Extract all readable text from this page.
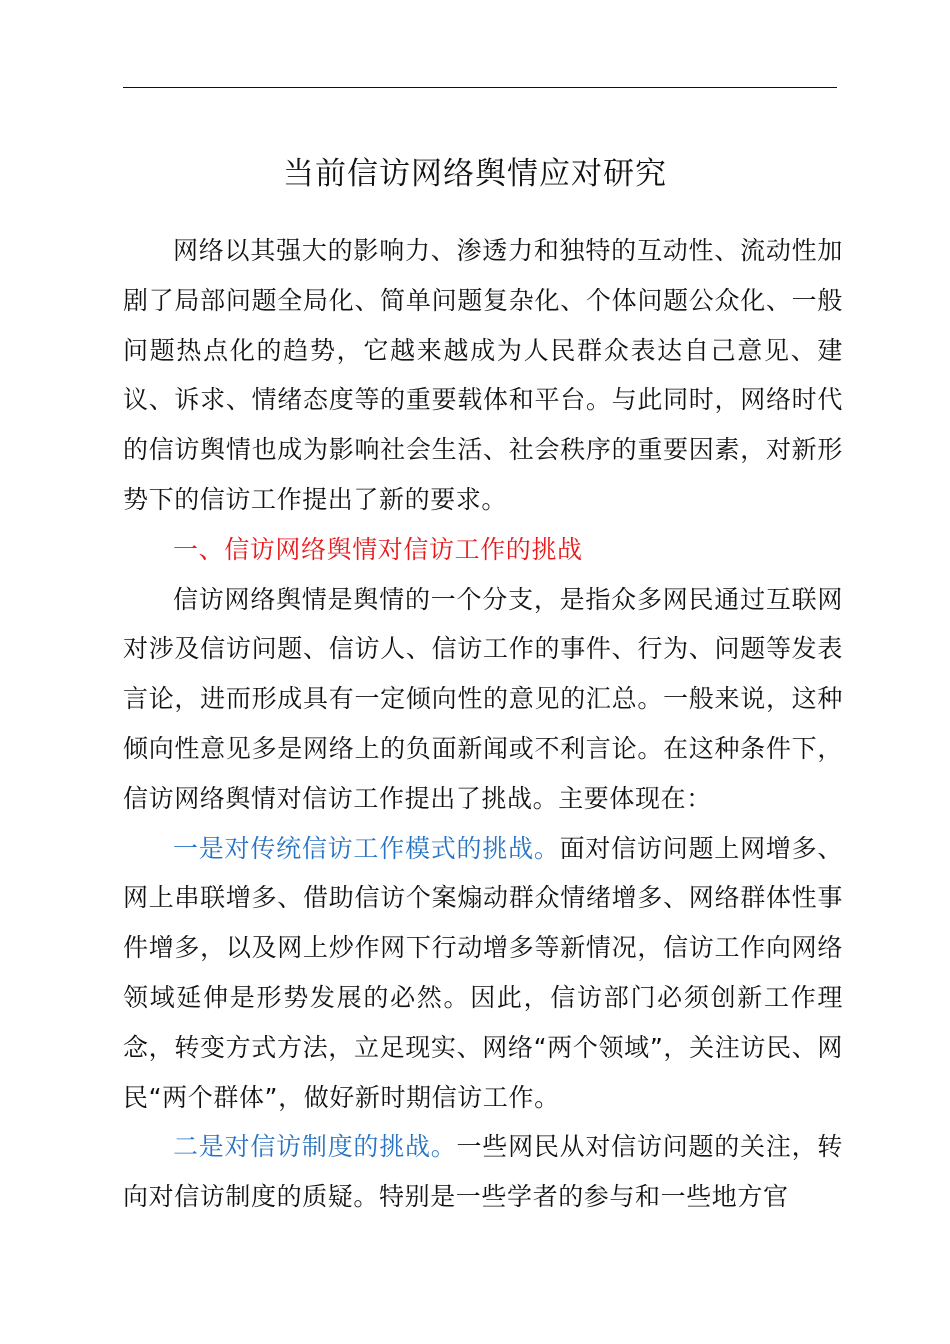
当前信访网络舆情应对研究

网络以其强大的影响力、渗透力和独特的互动性、流动性加剧了局部问题全局化、简单问题复杂化、个体问题公众化、一般问题热点化的趋势，它越来越成为人民群众表达自己意见、建议、诉求、情绪态度等的重要载体和平台。与此同时，网络时代的信访舆情也成为影响社会生活、社会秩序的重要因素，对新形势下的信访工作提出了新的要求。

一、信访网络舆情对信访工作的挑战

信访网络舆情是舆情的一个分支，是指众多网民通过互联网对涉及信访问题、信访人、信访工作的事件、行为、问题等发表言论，进而形成具有一定倾向性的意见的汇总。一般来说，这种倾向性意见多是网络上的负面新闻或不利言论。在这种条件下，信访网络舆情对信访工作提出了挑战。主要体现在：

一是对传统信访工作模式的挑战。面对信访问题上网增多、网上串联增多、借助信访个案煽动群众情绪增多、网络群体性事件增多，以及网上炒作网下行动增多等新情况，信访工作向网络领域延伸是形势发展的必然。因此，信访部门必须创新工作理念，转变方式方法，立足现实、网络“两个领域”，关注访民、网民“两个群体”，做好新时期信访工作。

二是对信访制度的挑战。一些网民从对信访问题的关注，转向对信访制度的质疑。特别是一些学者的参与和一些地方官
